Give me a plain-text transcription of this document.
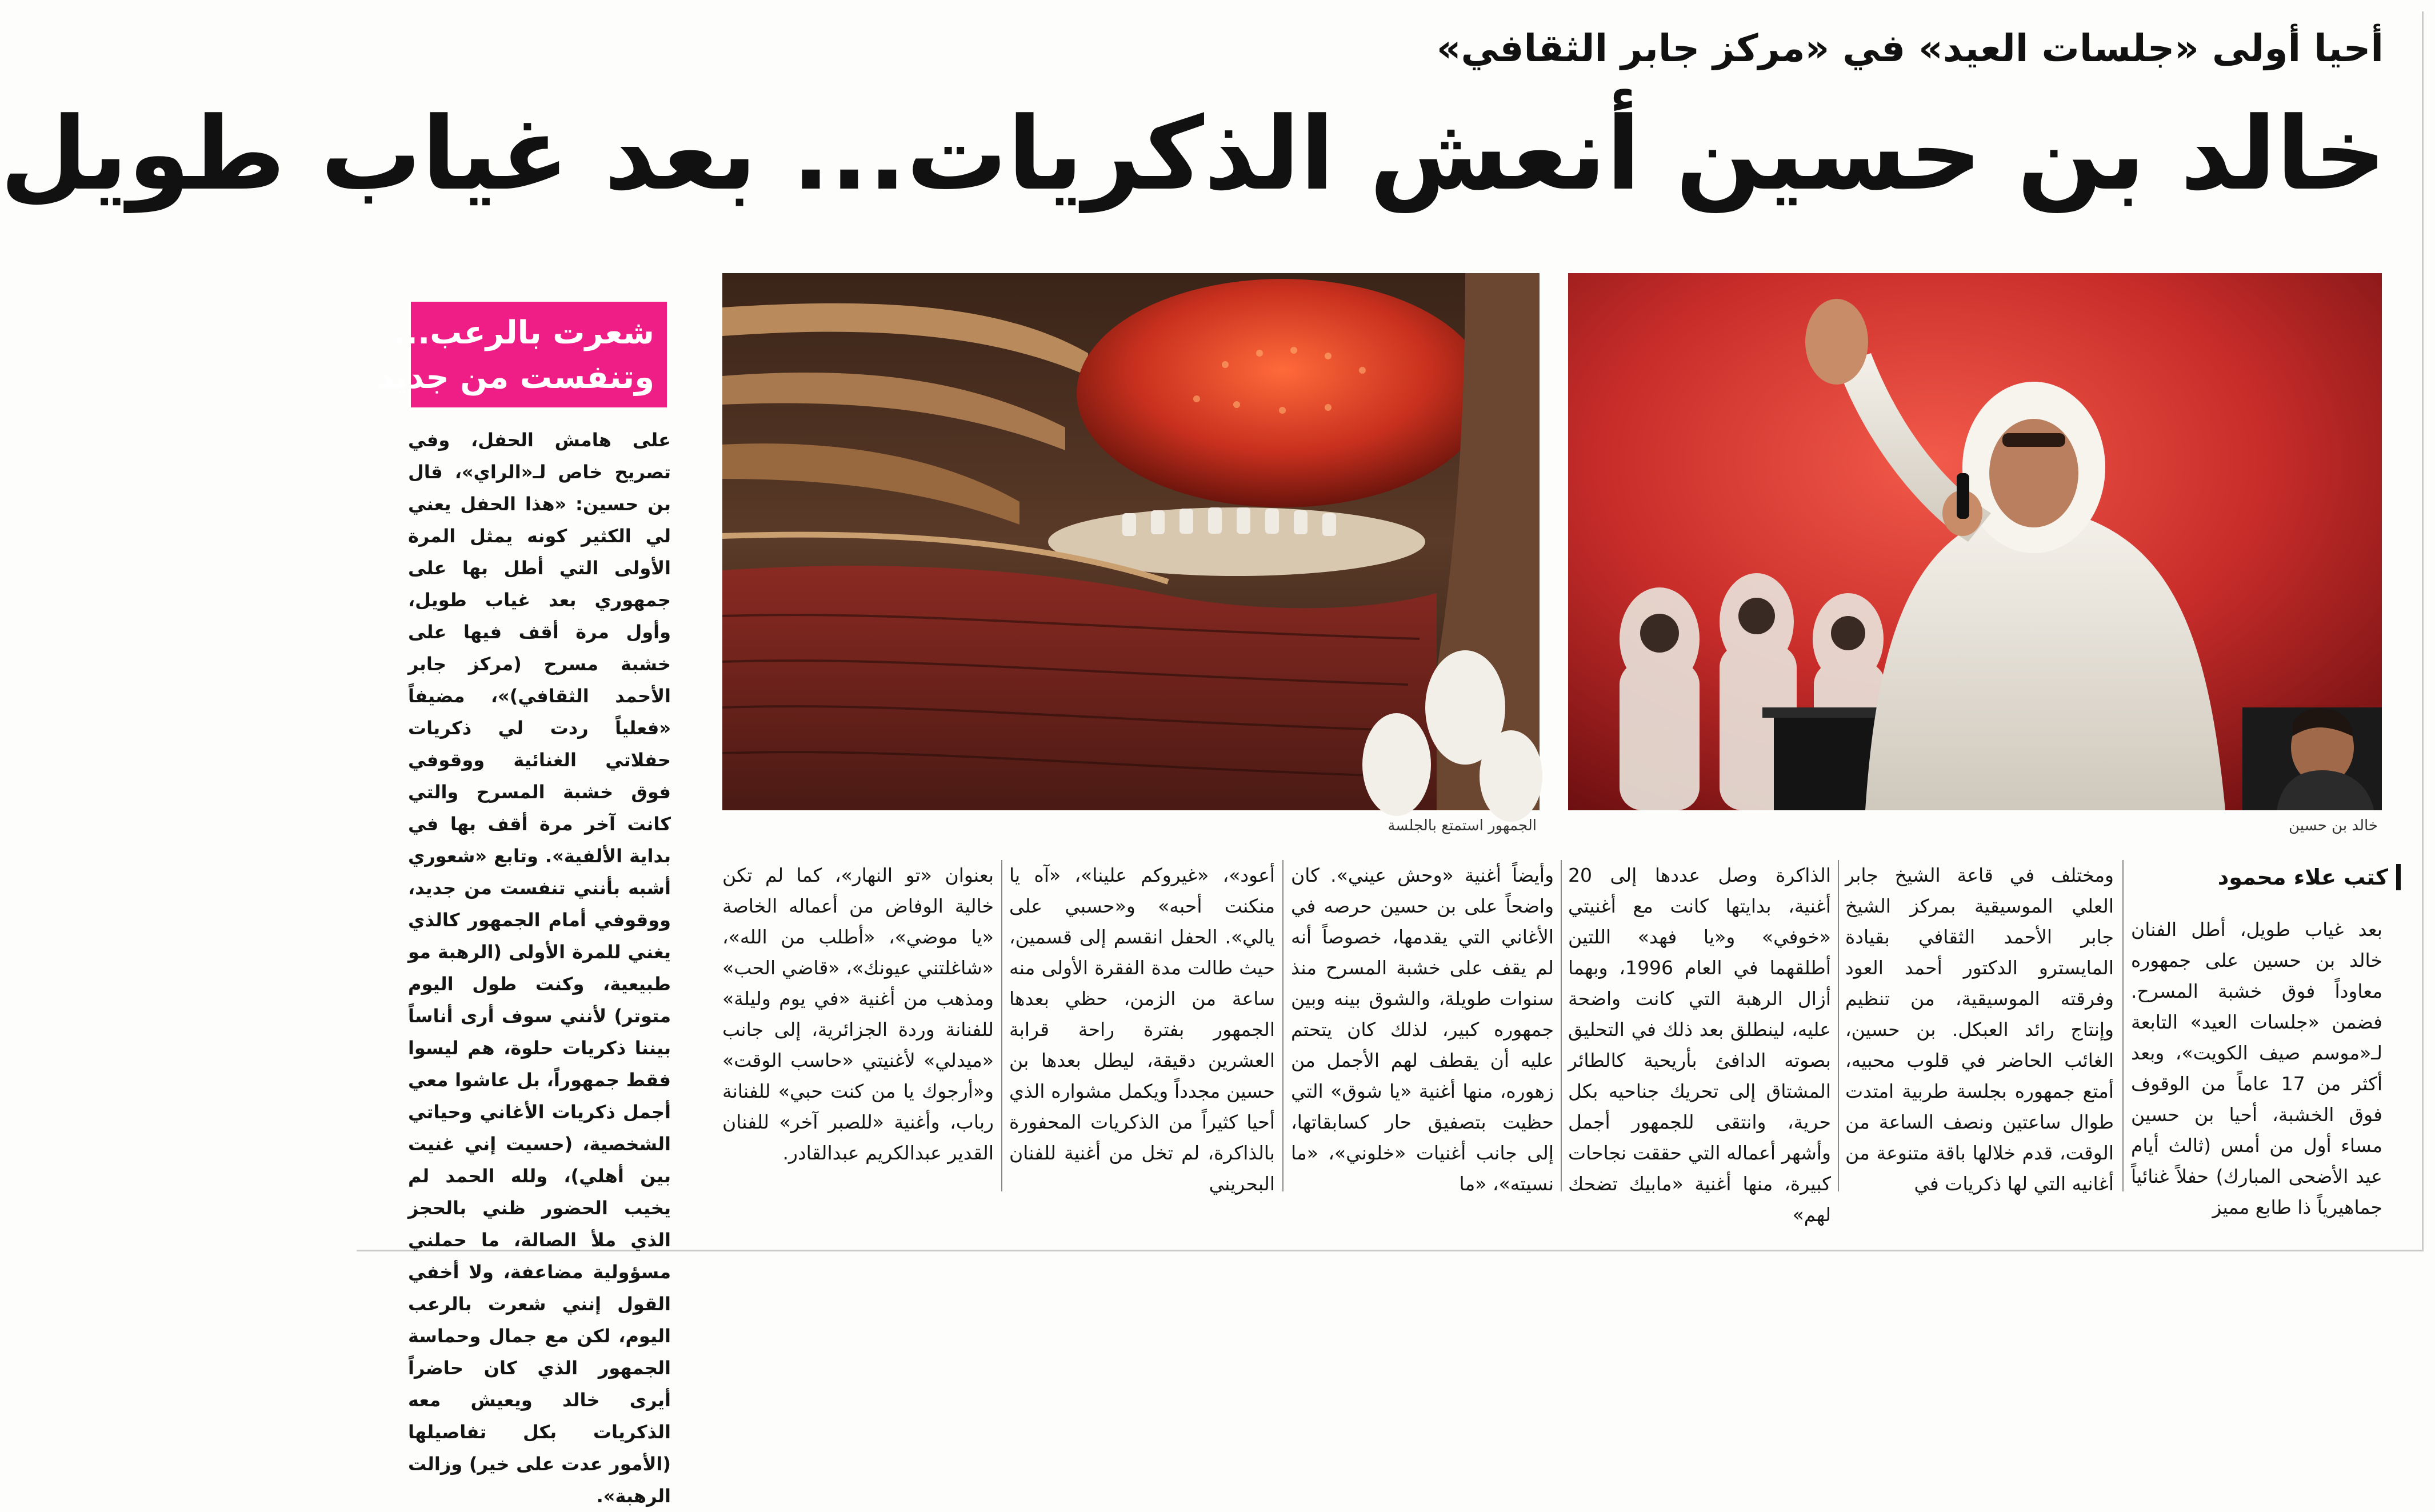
أحيا أولى «جلسات العيد» في «مركز جابر الثقافي»
خالد بن حسين أنعش الذكريات... بعد غياب طويل
خالد بن حسين
الجمهور استمتع بالجلسة
شعرت بالرعب...
وتنفست من جديد

على هامش الحفل، وفي تصريح خاص لـ«الراي»، قال بن حسين: «هذا الحفل يعني لي الكثير كونه يمثل المرة الأولى التي أطل بها على جمهوري بعد غياب طويل، وأول مرة أقف فيها على خشبة مسرح (مركز جابر الأحمد الثقافي)»، مضيفاً «فعلياً ردت لي ذكريات حفلاتي الغنائية ووقوفي فوق خشبة المسرح والتي كانت آخر مرة أقف بها في بداية الألفية». وتابع «شعوري أشبه بأنني تنفست من جديد، ووقوفي أمام الجمهور كالذي يغني للمرة الأولى (الرهبة مو طبيعية، وكنت طول اليوم متوتر) لأنني سوف أرى أناساً بيننا ذكريات حلوة، هم ليسوا فقط جمهوراً، بل عاشوا معي أجمل ذكريات الأغاني وحياتي الشخصية، (حسيت إني غنيت بين أهلي)، ولله الحمد لم يخيب الحضور ظني بالحجز الذي ملأ الصالة، ما حملني مسؤولية مضاعفة، ولا أخفي القول إنني شعرت بالرعب اليوم، لكن مع جمال وحماسة الجمهور الذي كان حاضراً أيرى خالد ويعيش معه الذكريات بكل تفاصيلها (الأمور عدت على خير) وزالت الرهبة».

كتب علاء محمود

بعد غياب طويل، أطل الفنان خالد بن حسين على جمهوره معاوداً فوق خشبة المسرح. فضمن «جلسات العيد» التابعة لـ«موسم صيف الكويت»، وبعد أكثر من 17 عاماً من الوقوف فوق الخشبة، أحيا بن حسين مساء أول من أمس (ثالث أيام عيد الأضحى المبارك) حفلاً غنائياً جماهيرياً ذا طابع مميز

ومختلف في قاعة الشيخ جابر العلي الموسيقية بمركز الشيخ جابر الأحمد الثقافي بقيادة المايسترو الدكتور أحمد العود وفرقته الموسيقية، من تنظيم وإنتاج رائد العبكل. بن حسين، الغائب الحاضر في قلوب محبيه، أمتع جمهوره بجلسة طربية امتدت طوال ساعتين ونصف الساعة من الوقت، قدم خلالها باقة متنوعة من أغانيه التي لها ذكريات في

الذاكرة وصل عددها إلى 20 أغنية، بدايتها كانت مع أغنيتي «خوفي» و«يا فهد» اللتين أطلقهما في العام 1996، وبهما أزال الرهبة التي كانت واضحة عليه، لينطلق بعد ذلك في التحليق بصوته الدافئ بأريحية كالطائر المشتاق إلى تحريك جناحيه بكل حرية، وانتقى للجمهور أجمل وأشهر أعماله التي حققت نجاحات كبيرة، منها أغنية «مابيك تضحك لهم»

وأيضاً أغنية «وحش عيني». كان واضحاً على بن حسين حرصه في الأغاني التي يقدمها، خصوصاً أنه لم يقف على خشبة المسرح منذ سنوات طويلة، والشوق بينه وبين جمهوره كبير، لذلك كان يتحتم عليه أن يقطف لهم الأجمل من زهوره، منها أغنية «يا شوق» التي حظيت بتصفيق حار كسابقاتها، إلى جانب أغنيات «خلوني»، «ما نسيته»، «ما

أعود»، «غيروكم علينا»، «آه يا منكنت أحبه» و«حسبي على يالي». الحفل انقسم إلى قسمين، حيث طالت مدة الفقرة الأولى منه ساعة من الزمن، حظي بعدها الجمهور بفترة راحة قرابة العشرين دقيقة، ليطل بعدها بن حسين مجدداً ويكمل مشواره الذي أحيا كثيراً من الذكريات المحفورة بالذاكرة، لم تخل من أغنية للفنان البحريني

بعنوان «تو النهار»، كما لم تكن خالية الوفاض من أعماله الخاصة «يا موضي»، «أطلب من الله»، «شاغلتني عيونك»، «قاضي الحب» ومذهب من أغنية «في يوم وليلة» للفنانة وردة الجزائرية، إلى جانب «ميدلي» لأغنيتي «حاسب الوقت» و«أرجوك يا من كنت حبي» للفنانة رباب، وأغنية «للصبر آخر» للفنان القدير عبدالكريم عبدالقادر.
